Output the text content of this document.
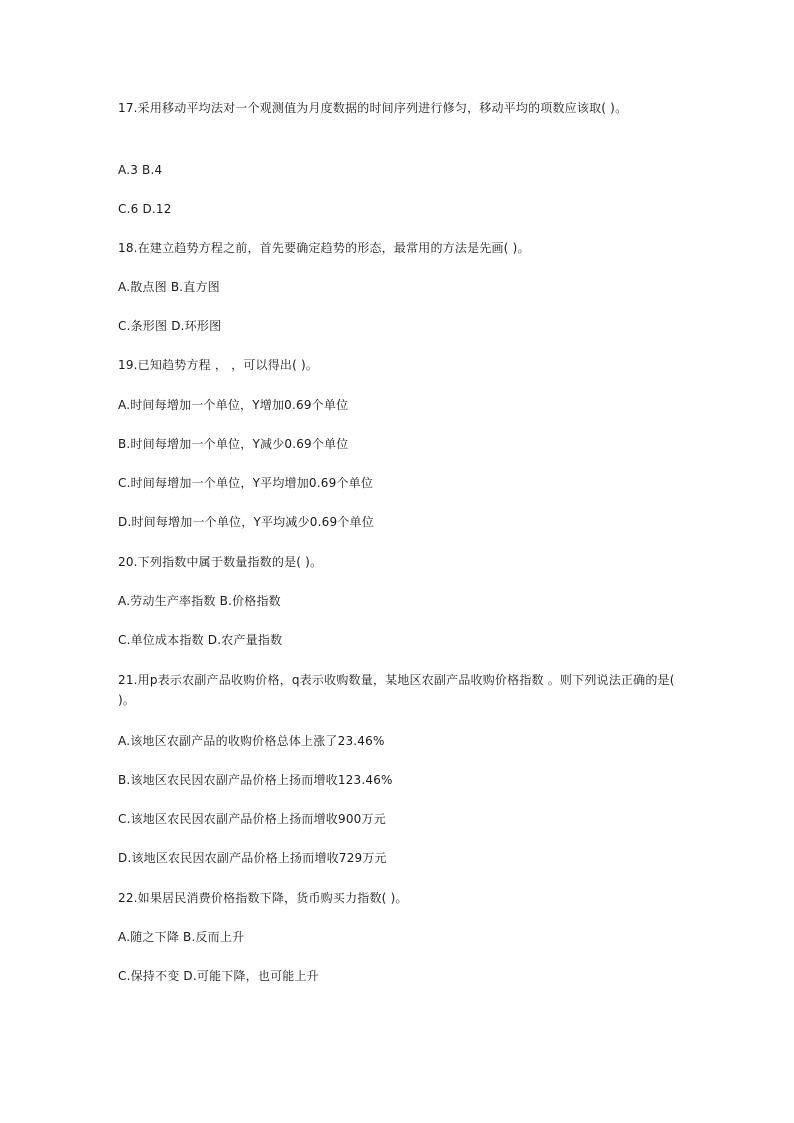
17.采用移动平均法对一个观测值为月度数据的时间序列进行修匀，移动平均的项数应该取( )。
A.3 B.4
C.6 D.12
18.在建立趋势方程之前，首先要确定趋势的形态，最常用的方法是先画( )。
A.散点图 B.直方图
C.条形图 D.环形图
19.已知趋势方程 ， ，可以得出( )。
A.时间每增加一个单位，Y增加0.69个单位
B.时间每增加一个单位，Y减少0.69个单位
C.时间每增加一个单位，Y平均增加0.69个单位
D.时间每增加一个单位，Y平均减少0.69个单位
20.下列指数中属于数量指数的是( )。
A.劳动生产率指数 B.价格指数
C.单位成本指数 D.农产量指数
21.用p表示农副产品收购价格，q表示收购数量，某地区农副产品收购价格指数 。则下列说法正确的是( )。
A.该地区农副产品的收购价格总体上涨了23.46%
B.该地区农民因农副产品价格上扬而增收123.46%
C.该地区农民因农副产品价格上扬而增收900万元
D.该地区农民因农副产品价格上扬而增收729万元
22.如果居民消费价格指数下降，货币购买力指数( )。
A.随之下降 B.反而上升
C.保持不变 D.可能下降，也可能上升
